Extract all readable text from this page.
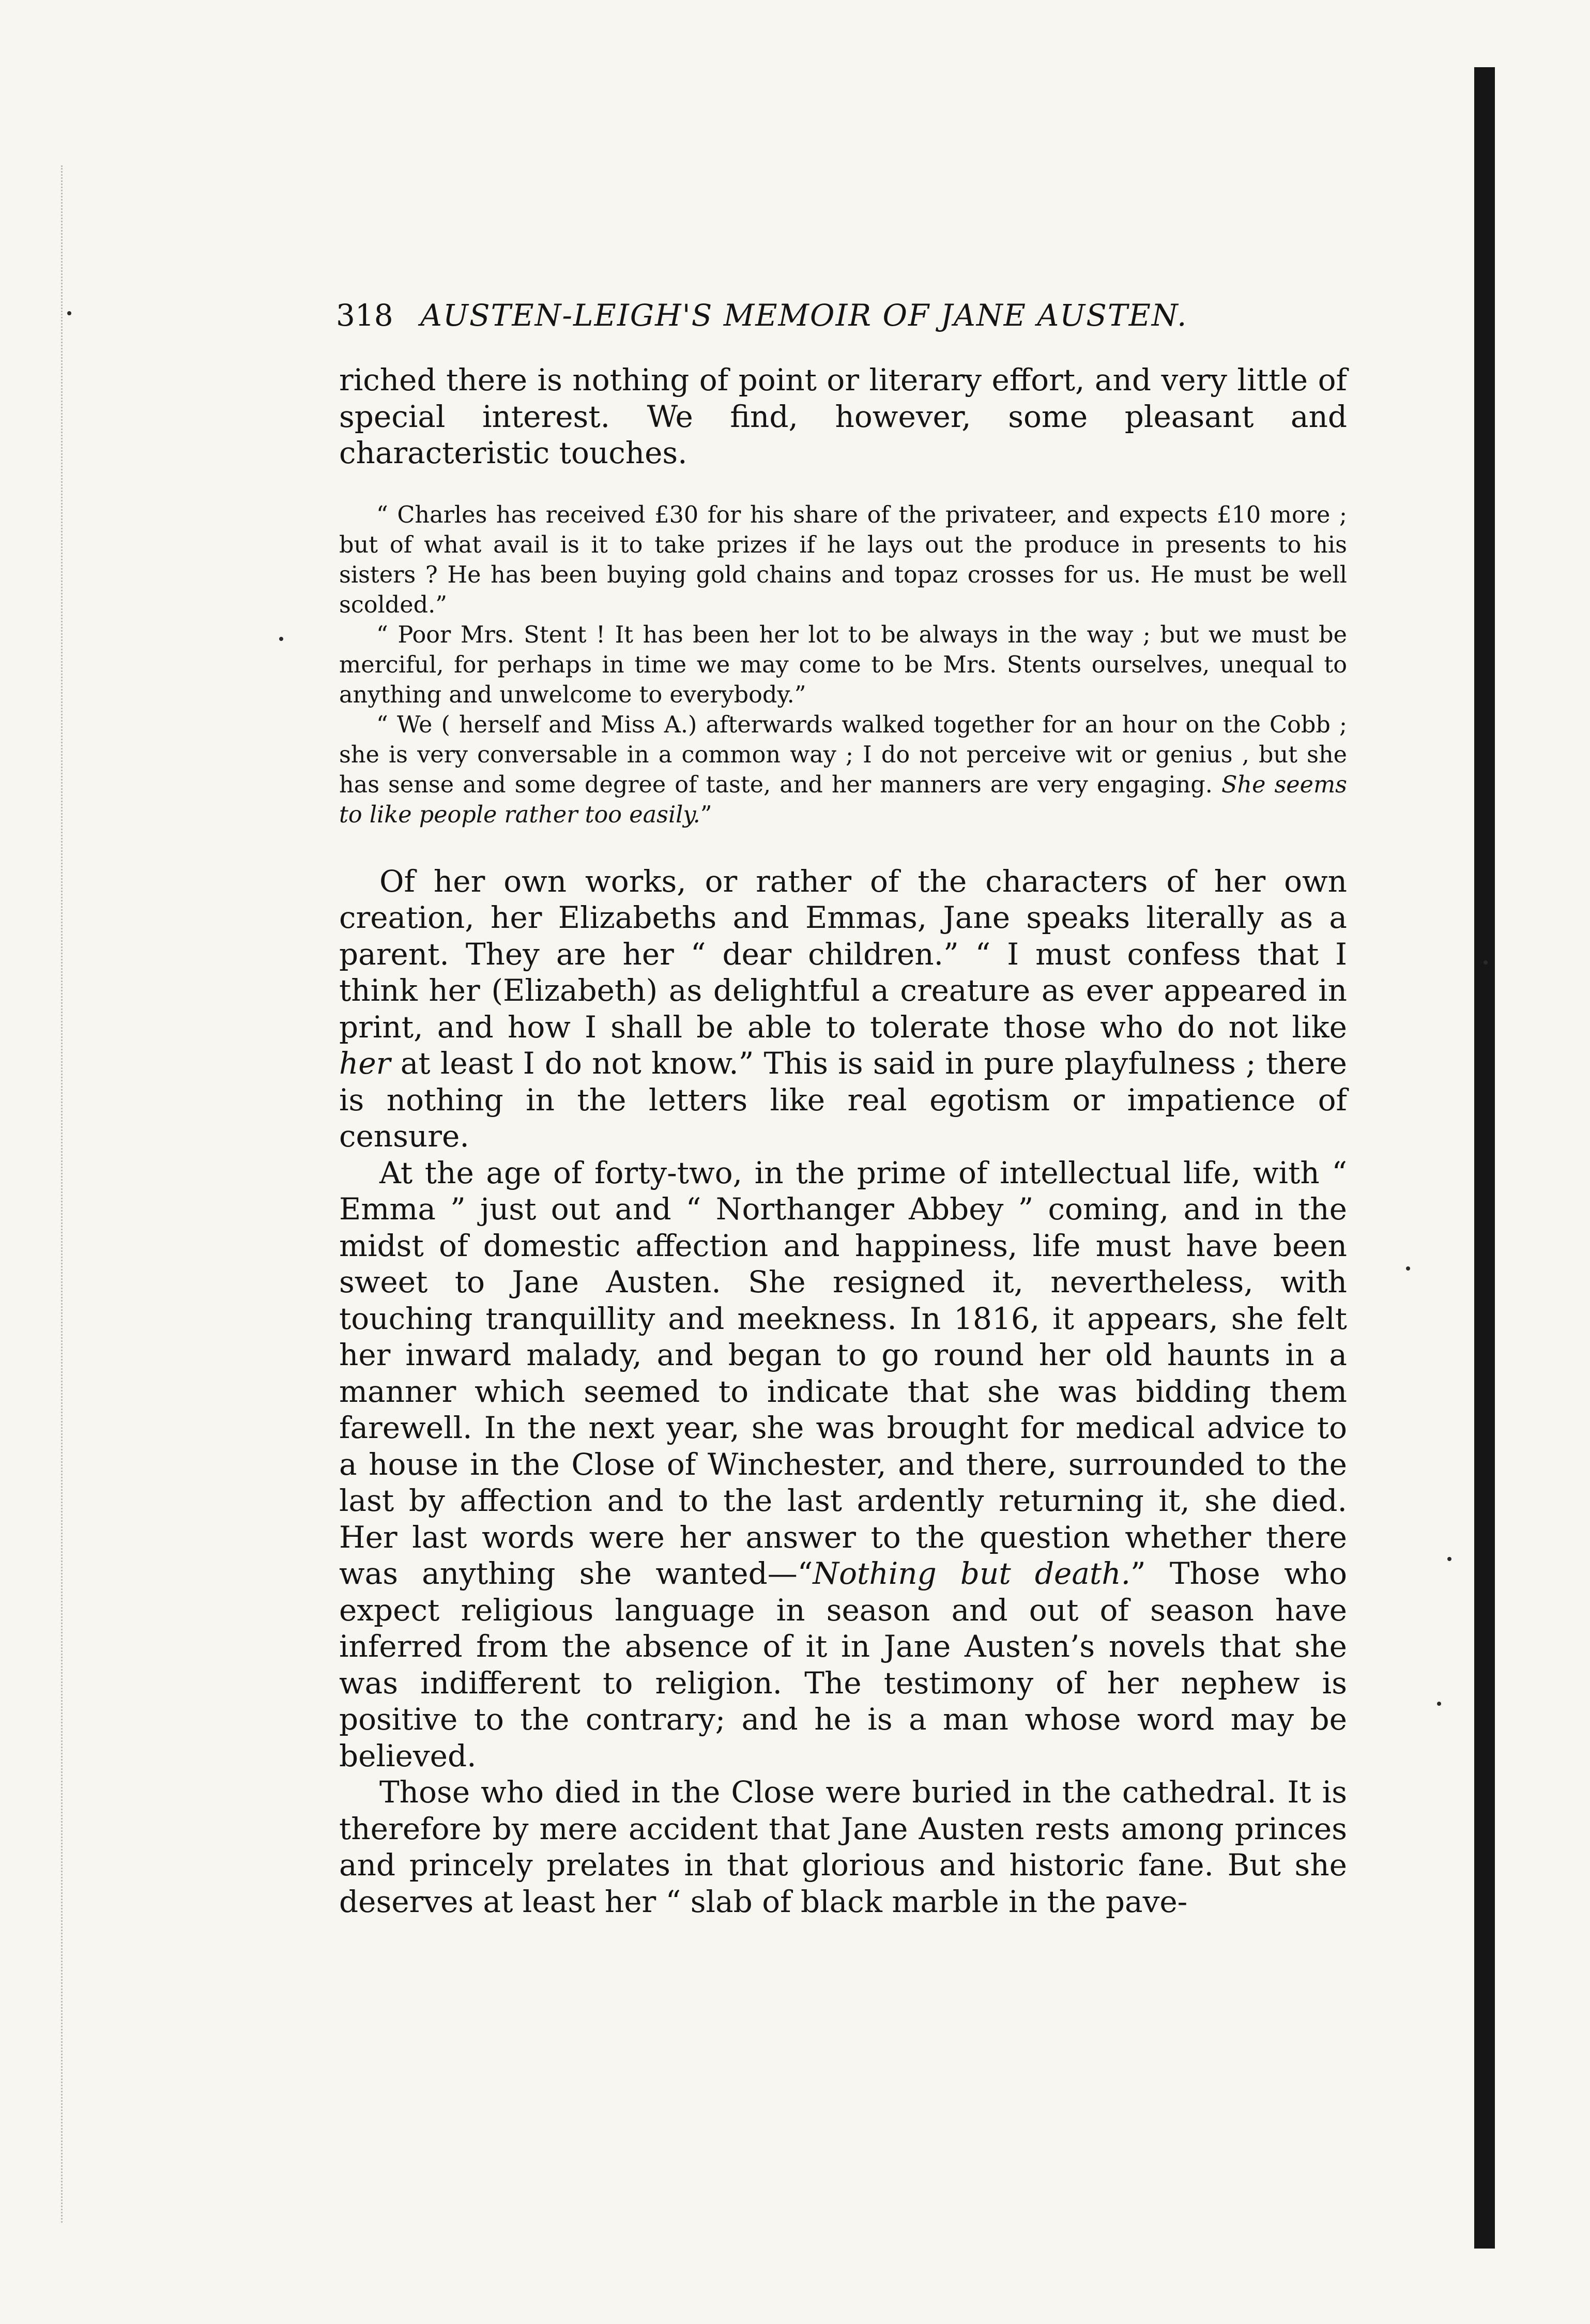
318 AUSTEN-LEIGH'S MEMOIR OF JANE AUSTEN.

riched there is nothing of point or literary effort, and very little of special interest. We find, however, some pleasant and characteristic touches.

“ Charles has received £30 for his share of the privateer, and expects £10 more ; but of what avail is it to take prizes if he lays out the produce in presents to his sisters ? He has been buying gold chains and topaz crosses for us. He must be well scolded.”

“ Poor Mrs. Stent ! It has been her lot to be always in the way ; but we must be merciful, for perhaps in time we may come to be Mrs. Stents ourselves, unequal to anything and unwelcome to everybody.”

“ We ( herself and Miss A.) afterwards walked together for an hour on the Cobb ; she is very conversable in a common way ; I do not perceive wit or genius , but she has sense and some degree of taste, and her manners are very engaging. She seems to like people rather too easily.”

Of her own works, or rather of the characters of her own creation, her Elizabeths and Emmas, Jane speaks literally as a parent. They are her “ dear children.” “ I must confess that I think her (Elizabeth) as delightful a creature as ever appeared in print, and how I shall be able to tolerate those who do not like her at least I do not know.” This is said in pure playfulness ; there is nothing in the letters like real egotism or impatience of censure.

At the age of forty-two, in the prime of intellectual life, with “ Emma ” just out and “ Northanger Abbey ” coming, and in the midst of domestic affection and happiness, life must have been sweet to Jane Austen. She resigned it, nevertheless, with touching tranquillity and meekness. In 1816, it appears, she felt her inward malady, and began to go round her old haunts in a manner which seemed to indicate that she was bidding them farewell. In the next year, she was brought for medical advice to a house in the Close of Winchester, and there, surrounded to the last by affection and to the last ardently returning it, she died. Her last words were her answer to the question whether there was anything she wanted—“Nothing but death.” Those who expect religious language in season and out of season have inferred from the absence of it in Jane Austen’s novels that she was indifferent to religion. The testimony of her nephew is positive to the contrary; and he is a man whose word may be believed.

Those who died in the Close were buried in the cathedral. It is therefore by mere accident that Jane Austen rests among princes and princely prelates in that glorious and historic fane. But she deserves at least her “ slab of black marble in the pave-
